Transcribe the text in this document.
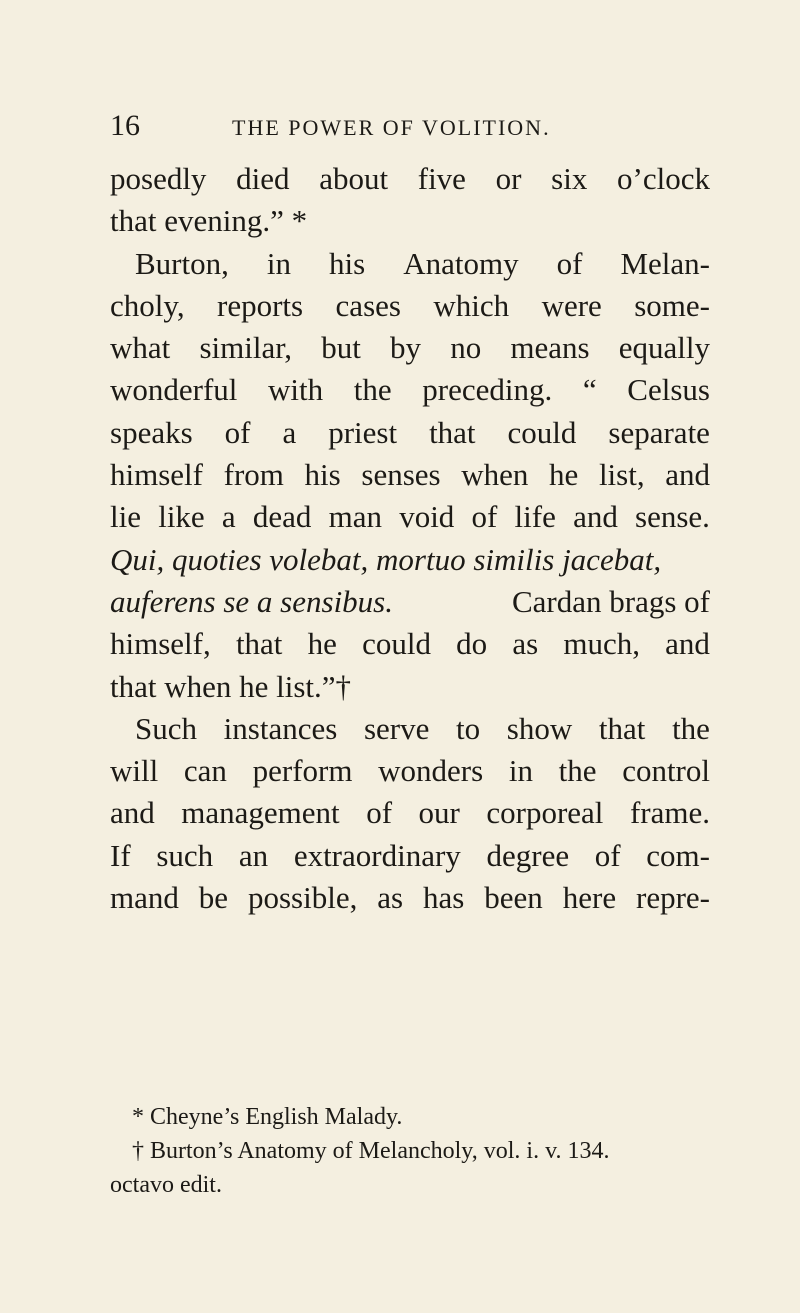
16	THE POWER OF VOLITION.
posedly died about five or six o’clock
that evening.” *
Burton, in his Anatomy of Melan-
choly, reports cases which were some-
what similar, but by no means equally
wonderful with the preceding. “ Celsus
speaks of a priest that could separate
himself from his senses when he list, and
lie like a dead man void of life and sense.
Qui, quoties volebat, mortuo similis jacebat,
auferens se a sensibus.	Cardan brags of
himself, that he could do as much, and
that when he list.”†
Such instances serve to show that the
will can perform wonders in the control
and management of our corporeal frame.
If such an extraordinary degree of com-
mand be possible, as has been here repre-
* Cheyne’s English Malady.
† Burton’s Anatomy of Melancholy, vol. i. v. 134.
octavo edit.
